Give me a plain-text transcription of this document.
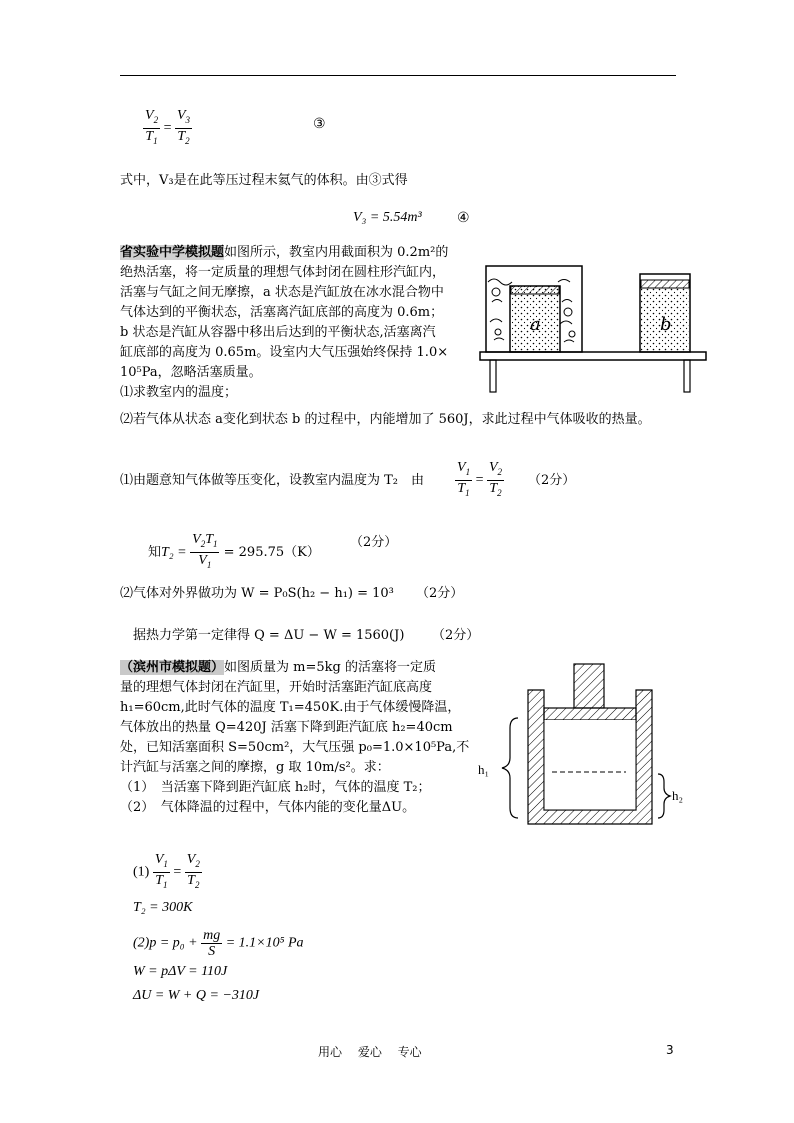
$\frac{V_2}{T_1} = \frac{V_3}{T_2}$	③
式中，V₃是在此等压过程末氦气的体积。由③式得
V₃ = 5.54m³	④
省实验中学模拟题如图所示，教室内用截面积为 0.2m²的
绝热活塞，将一定质量的理想气体封闭在圆柱形汽缸内，
活塞与气缸之间无摩擦，a 状态是汽缸放在冰水混合物中
气体达到的平衡状态，活塞离汽缸底部的高度为 0.6m；
b 状态是汽缸从容器中移出后达到的平衡状态,活塞离汽
缸底部的高度为 0.65m。设室内大气压强始终保持 1.0×
10⁵Pa，忽略活塞质量。
⑴求教室内的温度；
⑵若气体从状态 a变化到状态 b 的过程中，内能增加了 560J，求此过程中气体吸收的热量。
a	b
⑴由题意知气体做等压变化，设教室内温度为 T₂　由 $\frac{V_1}{T_1} = \frac{V_2}{T_2} (2$分）
知$T_2 = \frac{V_2T_1}{V_1} = 295.75(K)$
（2分）
⑵气体对外界做功为 W = P₀S(h₂ − h₁) = 10³ （2分）
据热力学第一定律得 Q = ΔU − W = 1560(J) （2分）
（滨州市模拟题）如图质量为 m=5kg 的活塞将一定质
量的理想气体封闭在汽缸里，开始时活塞距汽缸底高度
h₁=60cm,此时气体的温度 T₁=450K.由于气体缓慢降温，
气体放出的热量 Q=420J 活塞下降到距汽缸底 h₂=40cm
处，已知活塞面积 S=50cm²，大气压强 p₀=1.0×10⁵Pa,不
计汽缸与活塞之间的摩擦，g 取 10m/s²。求：
（1）　当活塞下降到距汽缸底 h₂时，气体的温度 T₂；
（2）　气体降温的过程中，气体内能的变化量ΔU。
h₁
h₂
$(1) \frac{V_1}{T_1} = \frac{V_2}{T_2}$
T₂ = 300K
$(2)p = p_0 + \frac{mg}{S} = 1.1\times 10^5$ Pa
W = pΔV = 110J
ΔU = W + Q = −310J
用心　 爱心　 专心	3
